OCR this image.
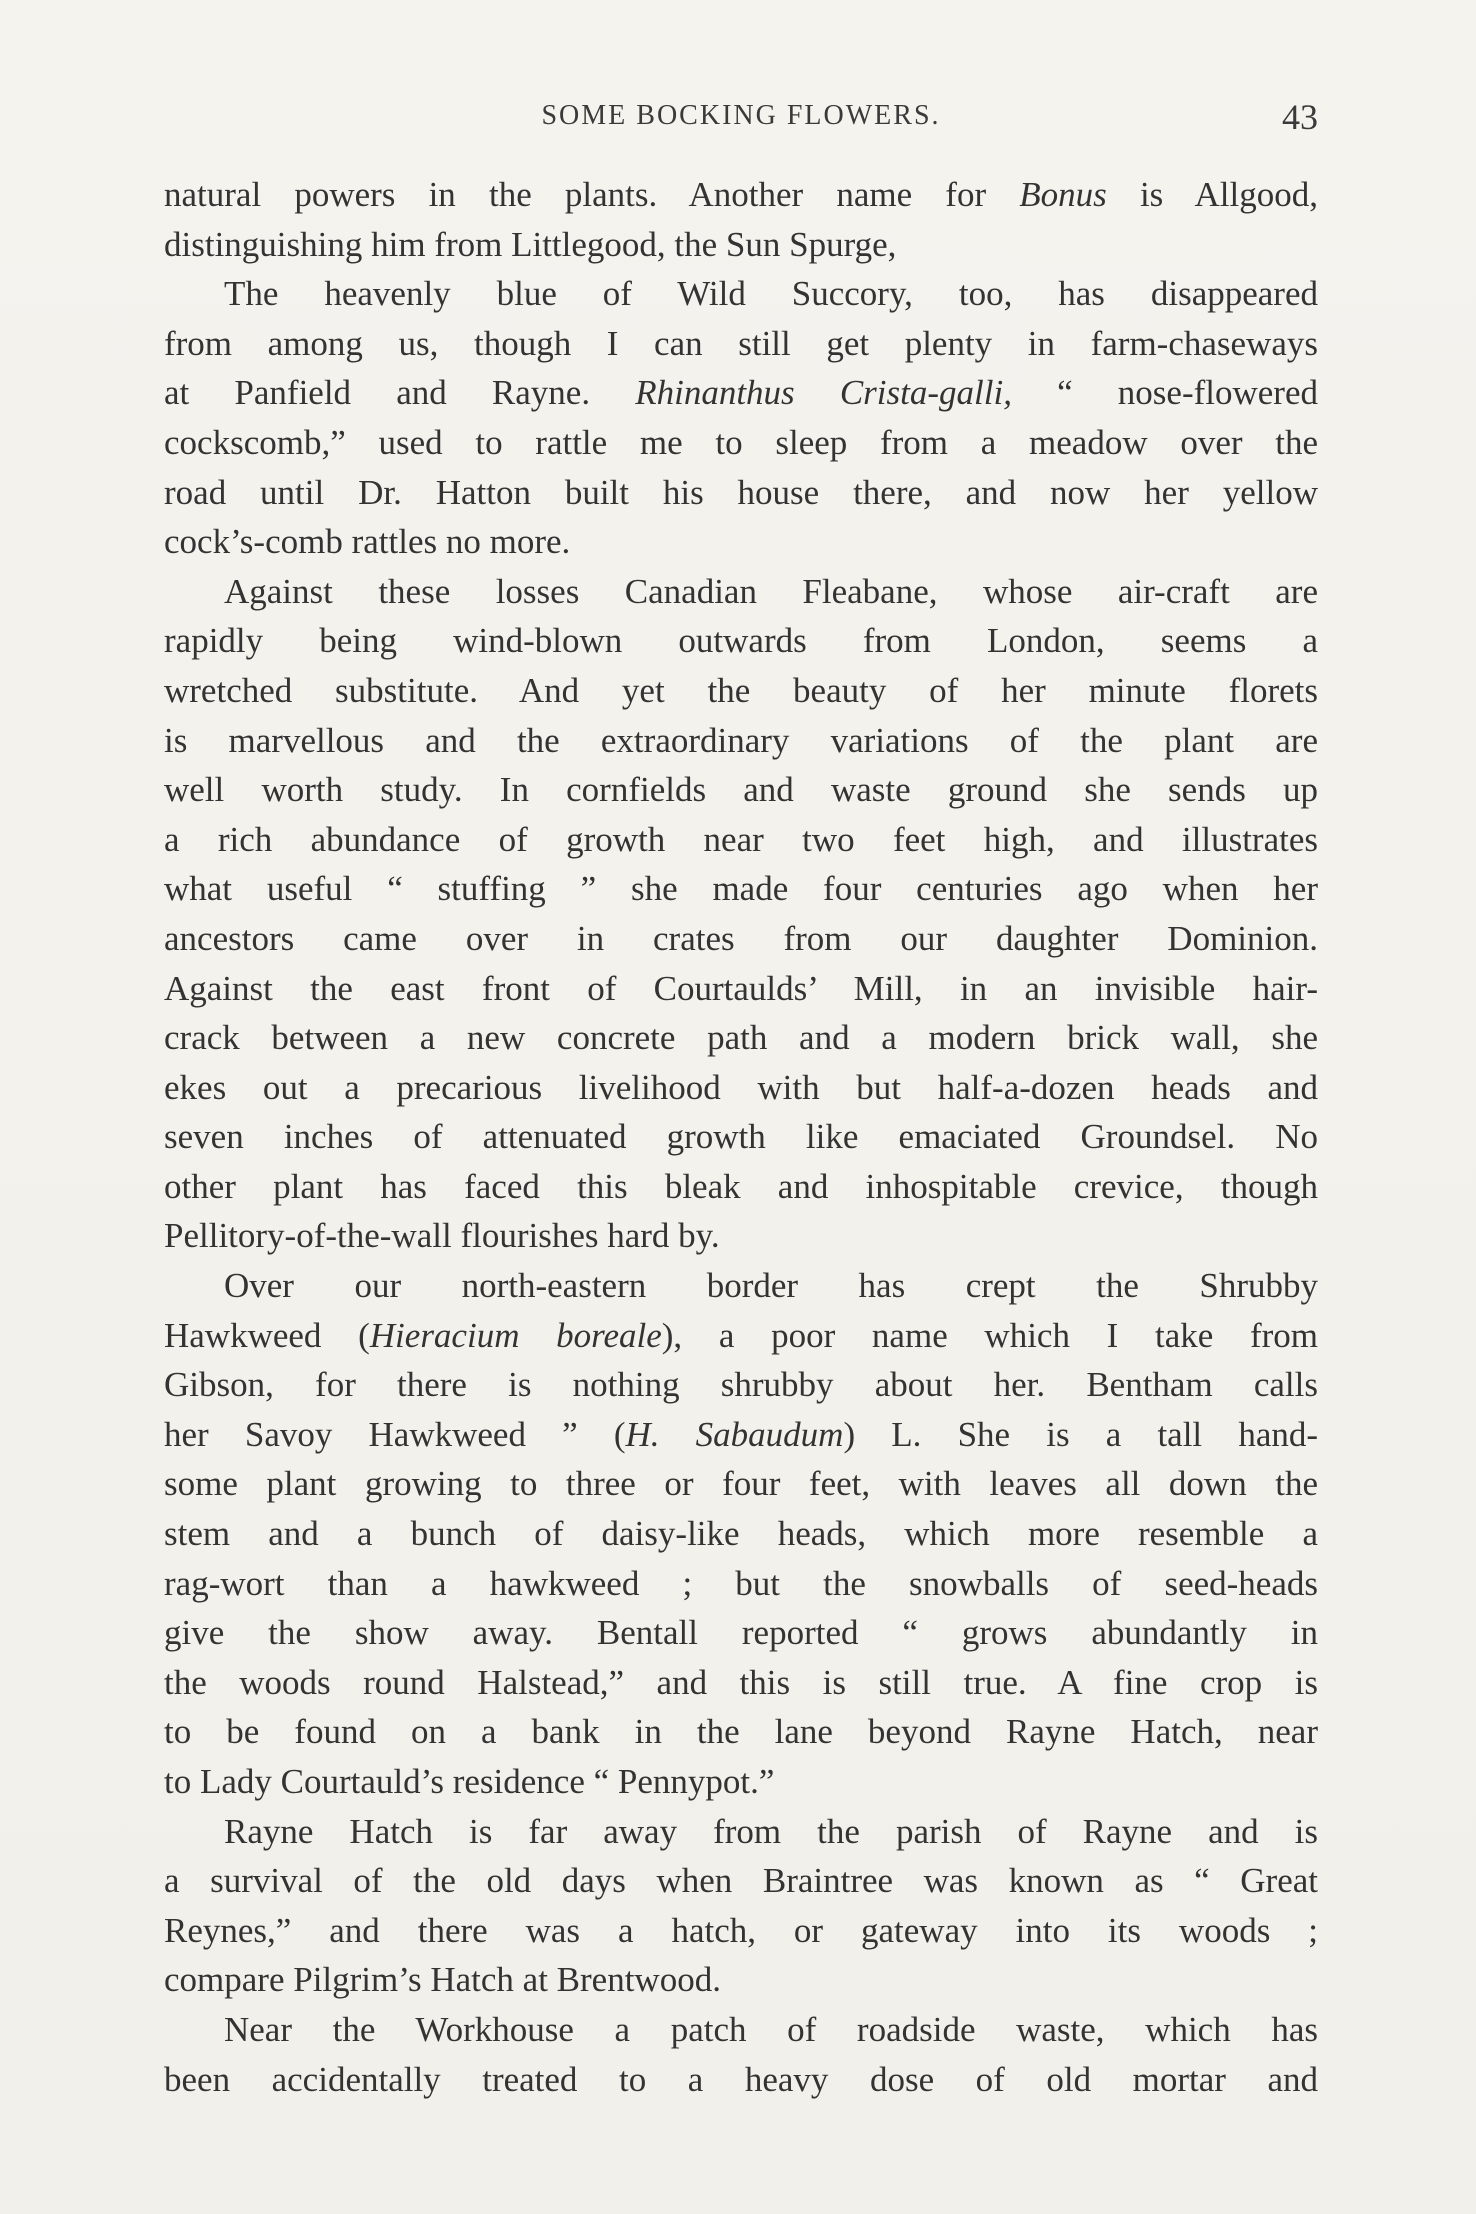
SOME BOCKING FLOWERS.	43
natural powers in the plants. Another name for Bonus is Allgood,
distinguishing him from Littlegood, the Sun Spurge,
The heavenly blue of Wild Succory, too, has disappeared
from among us, though I can still get plenty in farm-chaseways
at Panfield and Rayne. Rhinanthus Crista-galli, “ nose-flowered
cockscomb,” used to rattle me to sleep from a meadow over the
road until Dr. Hatton built his house there, and now her yellow
cock’s-comb rattles no more.
Against these losses Canadian Fleabane, whose air-craft are
rapidly being wind-blown outwards from London, seems a
wretched substitute. And yet the beauty of her minute florets
is marvellous and the extraordinary variations of the plant are
well worth study. In cornfields and waste ground she sends up
a rich abundance of growth near two feet high, and illustrates
what useful “ stuffing ” she made four centuries ago when her
ancestors came over in crates from our daughter Dominion.
Against the east front of Courtaulds’ Mill, in an invisible hair-
crack between a new concrete path and a modern brick wall, she
ekes out a precarious livelihood with but half-a-dozen heads and
seven inches of attenuated growth like emaciated Groundsel. No
other plant has faced this bleak and inhospitable crevice, though
Pellitory-of-the-wall flourishes hard by.
Over our north-eastern border has crept the Shrubby
Hawkweed (Hieracium boreale), a poor name which I take from
Gibson, for there is nothing shrubby about her. Bentham calls
her Savoy Hawkweed ” (H. Sabaudum) L. She is a tall hand-
some plant growing to three or four feet, with leaves all down the
stem and a bunch of daisy-like heads, which more resemble a
rag-wort than a hawkweed ; but the snowballs of seed-heads
give the show away. Bentall reported “ grows abundantly in
the woods round Halstead,” and this is still true. A fine crop is
to be found on a bank in the lane beyond Rayne Hatch, near
to Lady Courtauld’s residence “ Pennypot.”
Rayne Hatch is far away from the parish of Rayne and is
a survival of the old days when Braintree was known as “ Great
Reynes,” and there was a hatch, or gateway into its woods ;
compare Pilgrim’s Hatch at Brentwood.
Near the Workhouse a patch of roadside waste, which has
been accidentally treated to a heavy dose of old mortar and
